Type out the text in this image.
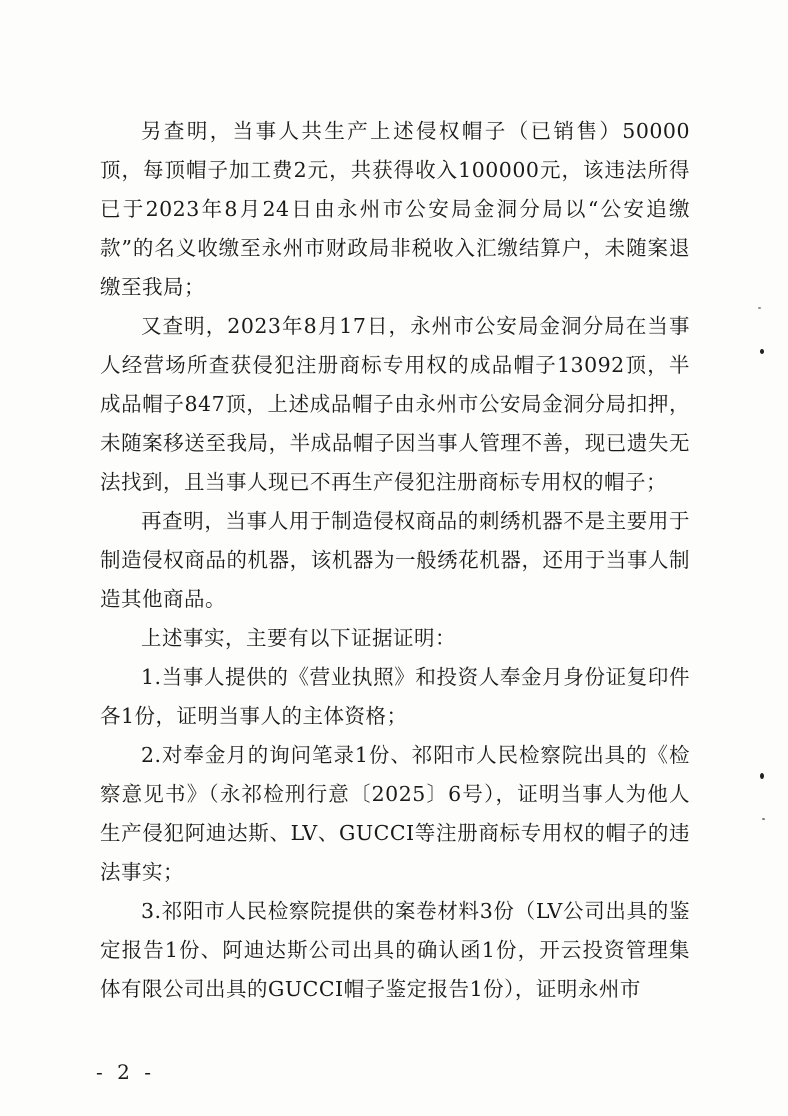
另查明，当事人共生产上述侵权帽子（已销售）50000顶，每顶帽子加工费2元，共获得收入100000元，该违法所得已于2023年8月24日由永州市公安局金洞分局以“公安追缴款”的名义收缴至永州市财政局非税收入汇缴结算户，未随案退缴至我局；

又查明，2023年8月17日，永州市公安局金洞分局在当事人经营场所查获侵犯注册商标专用权的成品帽子13092顶，半成品帽子847顶，上述成品帽子由永州市公安局金洞分局扣押，未随案移送至我局，半成品帽子因当事人管理不善，现已遗失无法找到，且当事人现已不再生产侵犯注册商标专用权的帽子；

再查明，当事人用于制造侵权商品的刺绣机器不是主要用于制造侵权商品的机器，该机器为一般绣花机器，还用于当事人制造其他商品。

上述事实，主要有以下证据证明：

1.当事人提供的《营业执照》和投资人奉金月身份证复印件各1份，证明当事人的主体资格；

2.对奉金月的询问笔录1份、祁阳市人民检察院出具的《检察意见书》（永祁检刑行意〔2025〕6号），证明当事人为他人生产侵犯阿迪达斯、LV、GUCCI等注册商标专用权的帽子的违法事实；

3.祁阳市人民检察院提供的案卷材料3份（LV公司出具的鉴定报告1份、阿迪达斯公司出具的确认函1份，开云投资管理集体有限公司出具的GUCCI帽子鉴定报告1份），证明永州市

- 2 -
